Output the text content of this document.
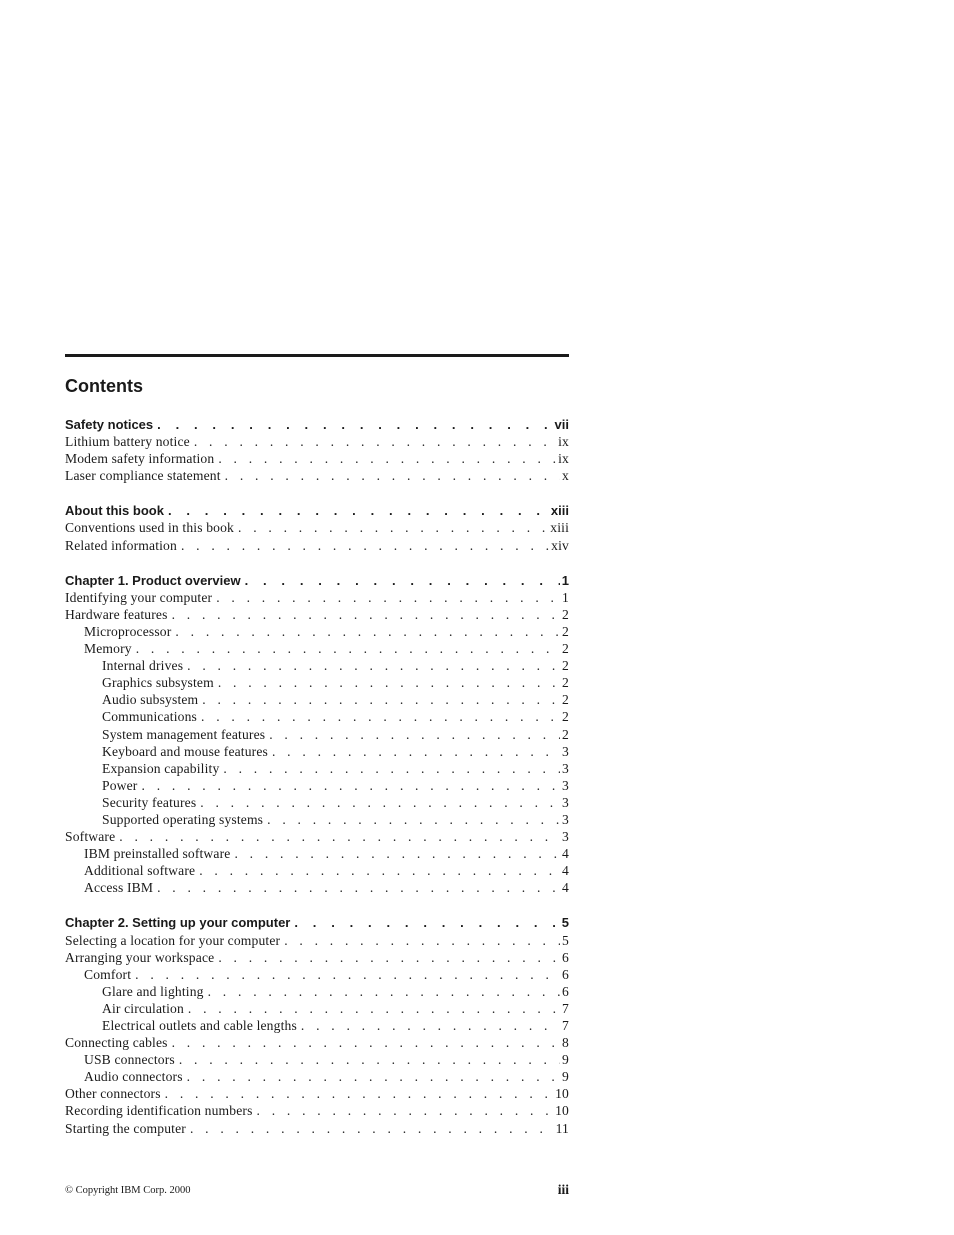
Contents
Safety notices . . .	vii
Lithium battery notice . . .	ix
Modem safety information . . .	ix
Laser compliance statement . . .	x
About this book . . .	xiii
Conventions used in this book . . .	xiii
Related information . . .	xiv
Chapter 1. Product overview . . .	1
Identifying your computer . . .	1
Hardware features . . .	2
Microprocessor . . .	2
Memory . . .	2
Internal drives . . .	2
Graphics subsystem . . .	2
Audio subsystem . . .	2
Communications . . .	2
System management features . . .	2
Keyboard and mouse features . . .	3
Expansion capability . . .	3
Power . . .	3
Security features . . .	3
Supported operating systems . . .	3
Software . . .	3
IBM preinstalled software . . .	4
Additional software . . .	4
Access IBM . . .	4
Chapter 2. Setting up your computer . . .	5
Selecting a location for your computer . . .	5
Arranging your workspace . . .	6
Comfort . . .	6
Glare and lighting . . .	6
Air circulation . . .	7
Electrical outlets and cable lengths . . .	7
Connecting cables . . .	8
USB connectors . . .	9
Audio connectors . . .	9
Other connectors . . .	10
Recording identification numbers . . .	10
Starting the computer . . .	11
© Copyright IBM Corp. 2000	iii
